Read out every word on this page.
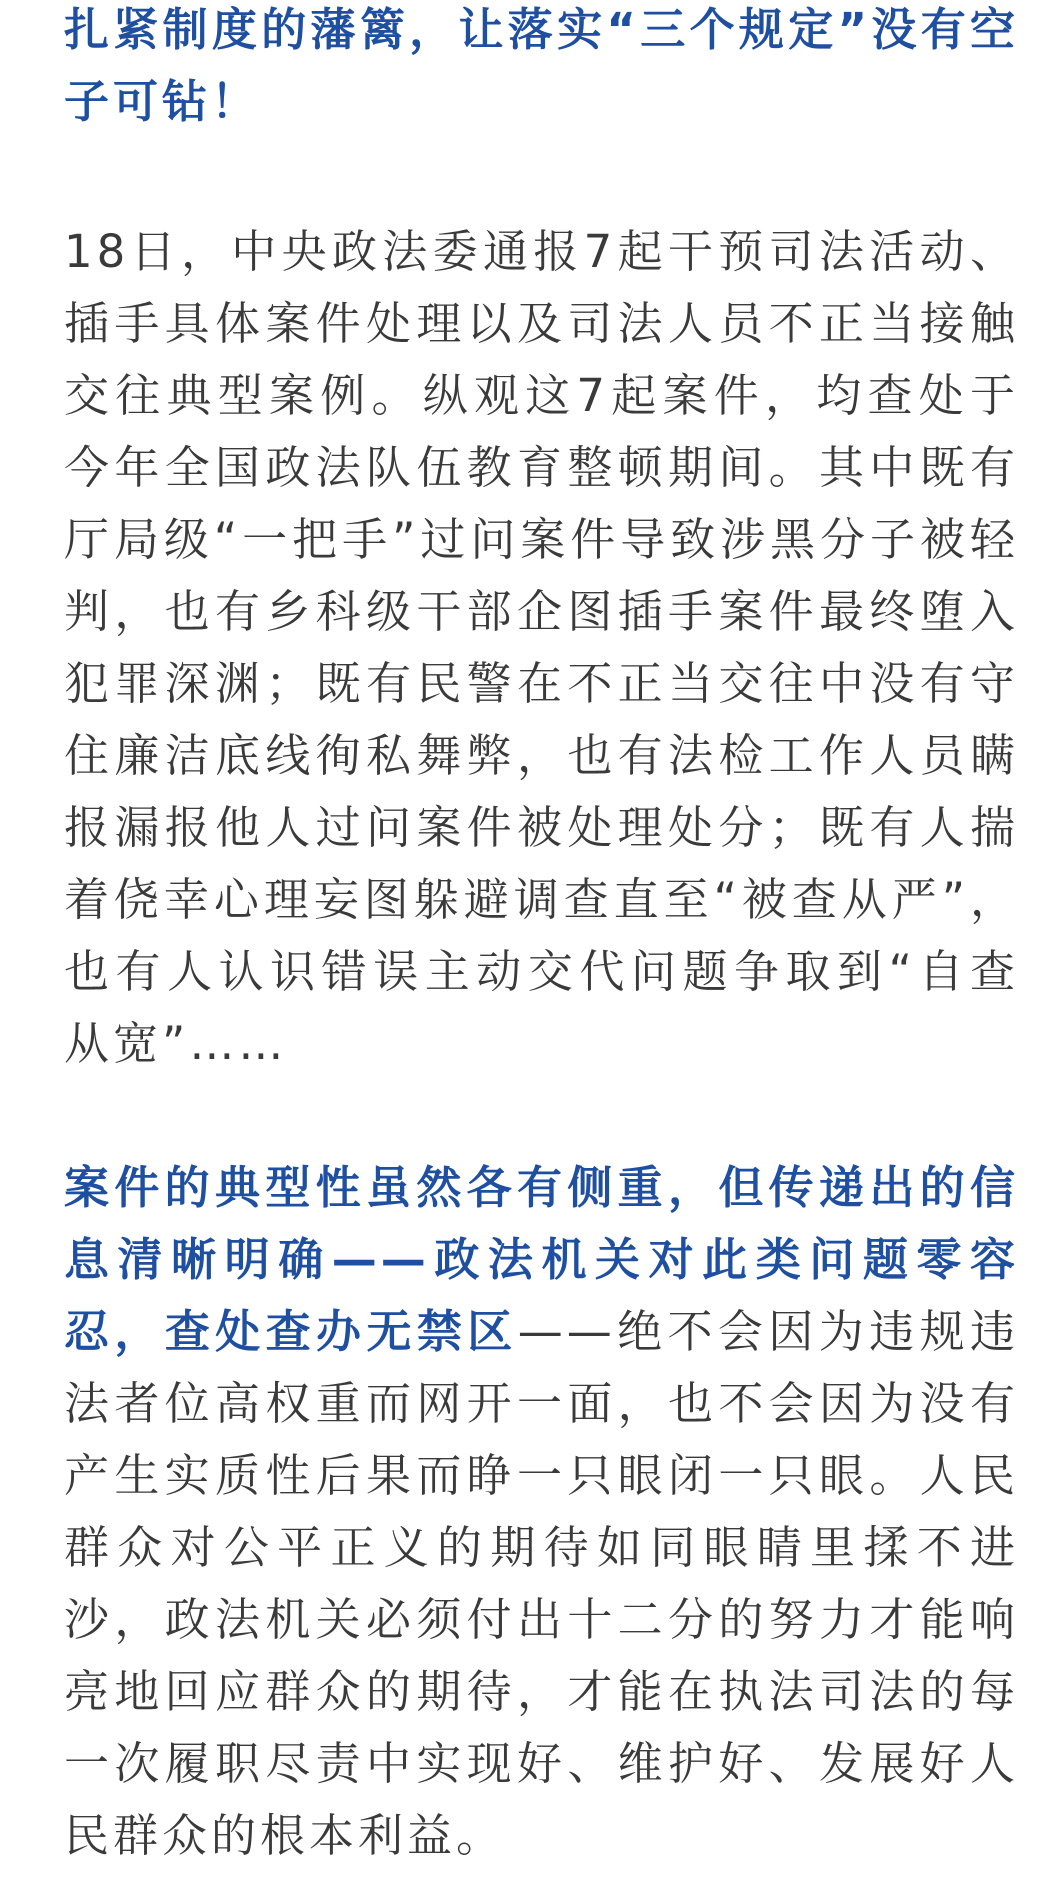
扎紧制度的藩篱，让落实“三个规定”没有空子可钻！

18日，中央政法委通报7起干预司法活动、插手具体案件处理以及司法人员不正当接触交往典型案例。纵观这7起案件，均查处于今年全国政法队伍教育整顿期间。其中既有厅局级“一把手”过问案件导致涉黑分子被轻判，也有乡科级干部企图插手案件最终堕入犯罪深渊；既有民警在不正当交往中没有守住廉洁底线徇私舞弊，也有法检工作人员瞒报漏报他人过问案件被处理处分；既有人揣着侥幸心理妄图躲避调查直至“被查从严”，也有人认识错误主动交代问题争取到“自查从宽”……

案件的典型性虽然各有侧重，但传递出的信息清晰明确——政法机关对此类问题零容忍，查处查办无禁区——绝不会因为违规违法者位高权重而网开一面，也不会因为没有产生实质性后果而睁一只眼闭一只眼。人民群众对公平正义的期待如同眼睛里揉不进沙，政法机关必须付出十二分的努力才能响亮地回应群众的期待，才能在执法司法的每一次履职尽责中实现好、维护好、发展好人民群众的根本利益。
